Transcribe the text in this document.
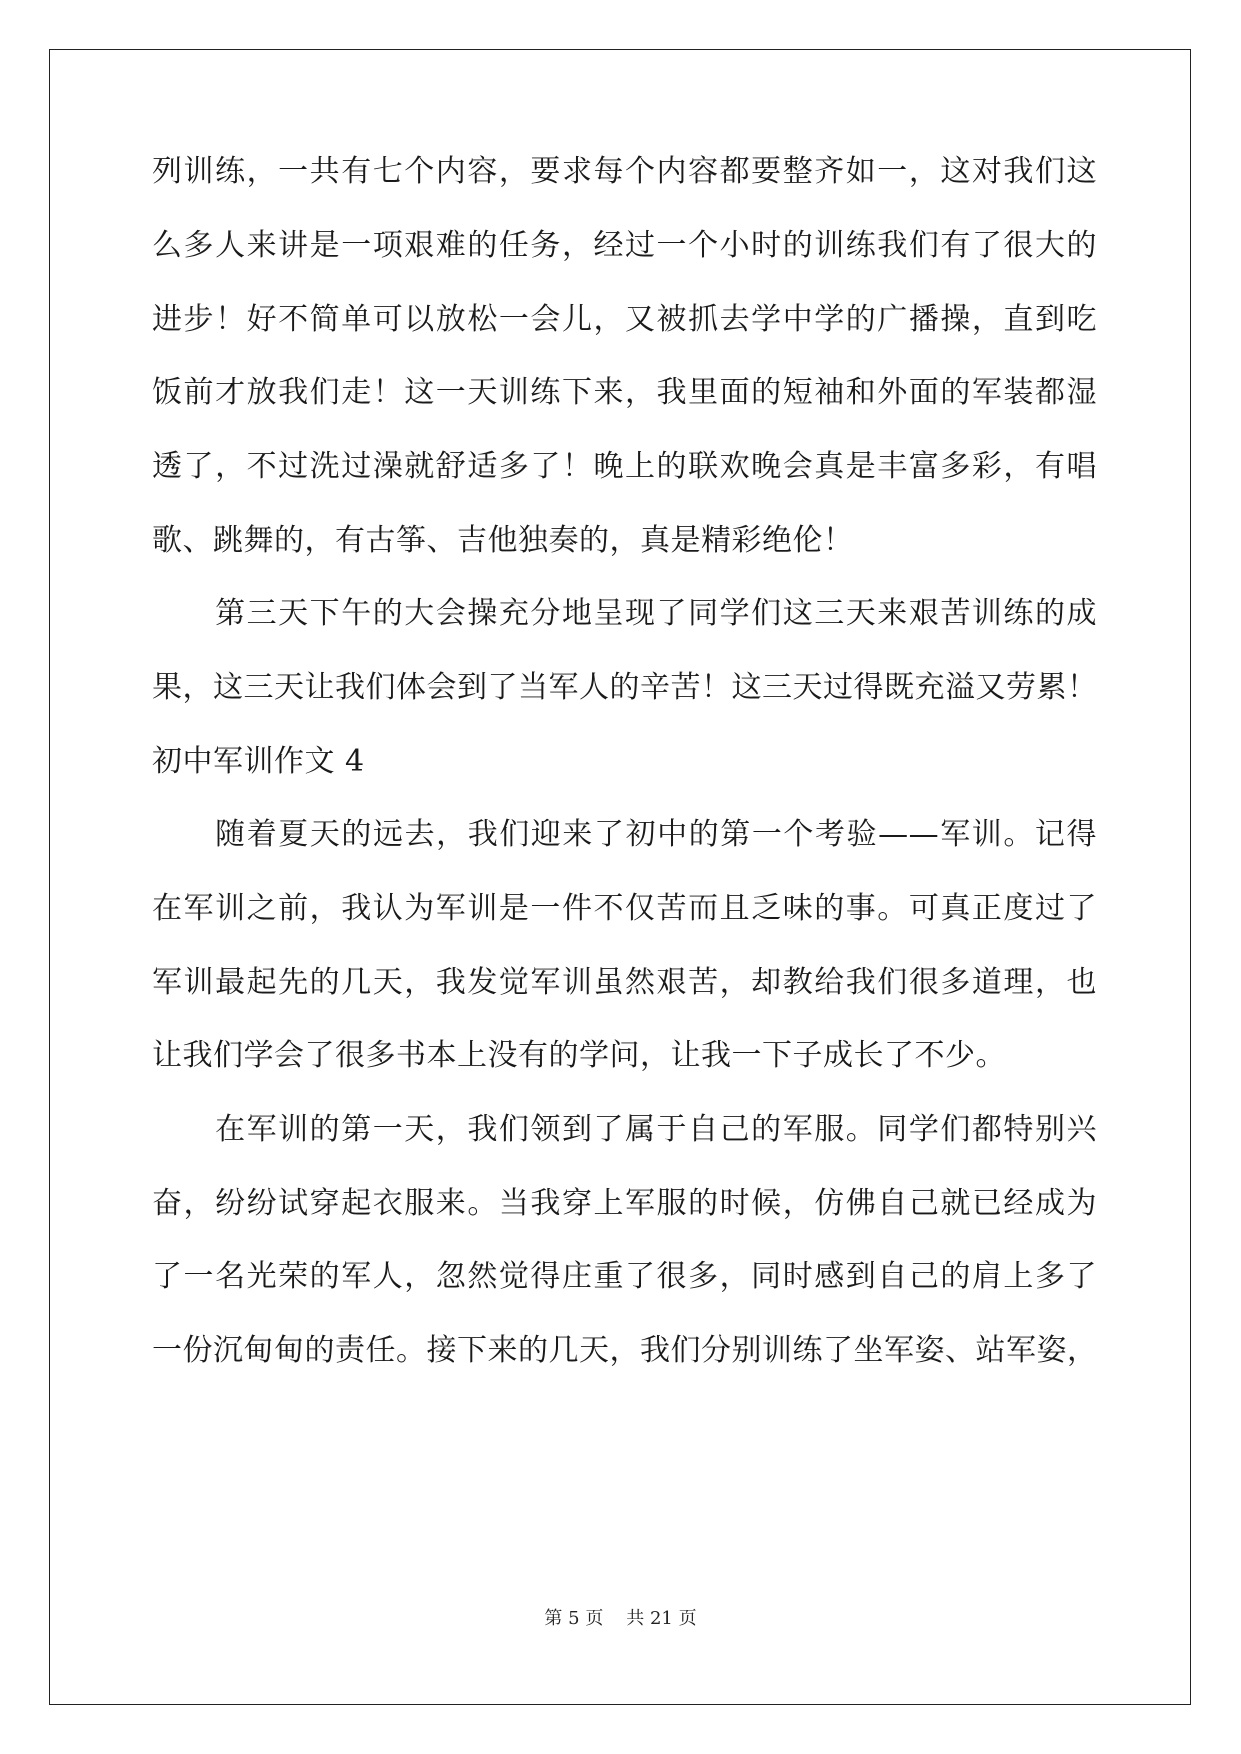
列训练，一共有七个内容，要求每个内容都要整齐如一，这对我们这
么多人来讲是一项艰难的任务，经过一个小时的训练我们有了很大的
进步！好不简单可以放松一会儿，又被抓去学中学的广播操，直到吃
饭前才放我们走！这一天训练下来，我里面的短袖和外面的军装都湿
透了，不过洗过澡就舒适多了！晚上的联欢晚会真是丰富多彩，有唱
歌、跳舞的，有古筝、吉他独奏的，真是精彩绝伦！
　　第三天下午的大会操充分地呈现了同学们这三天来艰苦训练的成
果，这三天让我们体会到了当军人的辛苦！这三天过得既充溢又劳累！
初中军训作文 4
　　随着夏天的远去，我们迎来了初中的第一个考验——军训。记得
在军训之前，我认为军训是一件不仅苦而且乏味的事。可真正度过了
军训最起先的几天，我发觉军训虽然艰苦，却教给我们很多道理，也
让我们学会了很多书本上没有的学问，让我一下子成长了不少。
　　在军训的第一天，我们领到了属于自己的军服。同学们都特别兴
奋，纷纷试穿起衣服来。当我穿上军服的时候，仿佛自己就已经成为
了一名光荣的军人，忽然觉得庄重了很多，同时感到自己的肩上多了
一份沉甸甸的责任。接下来的几天，我们分别训练了坐军姿、站军姿，
第 5 页 共 21 页
